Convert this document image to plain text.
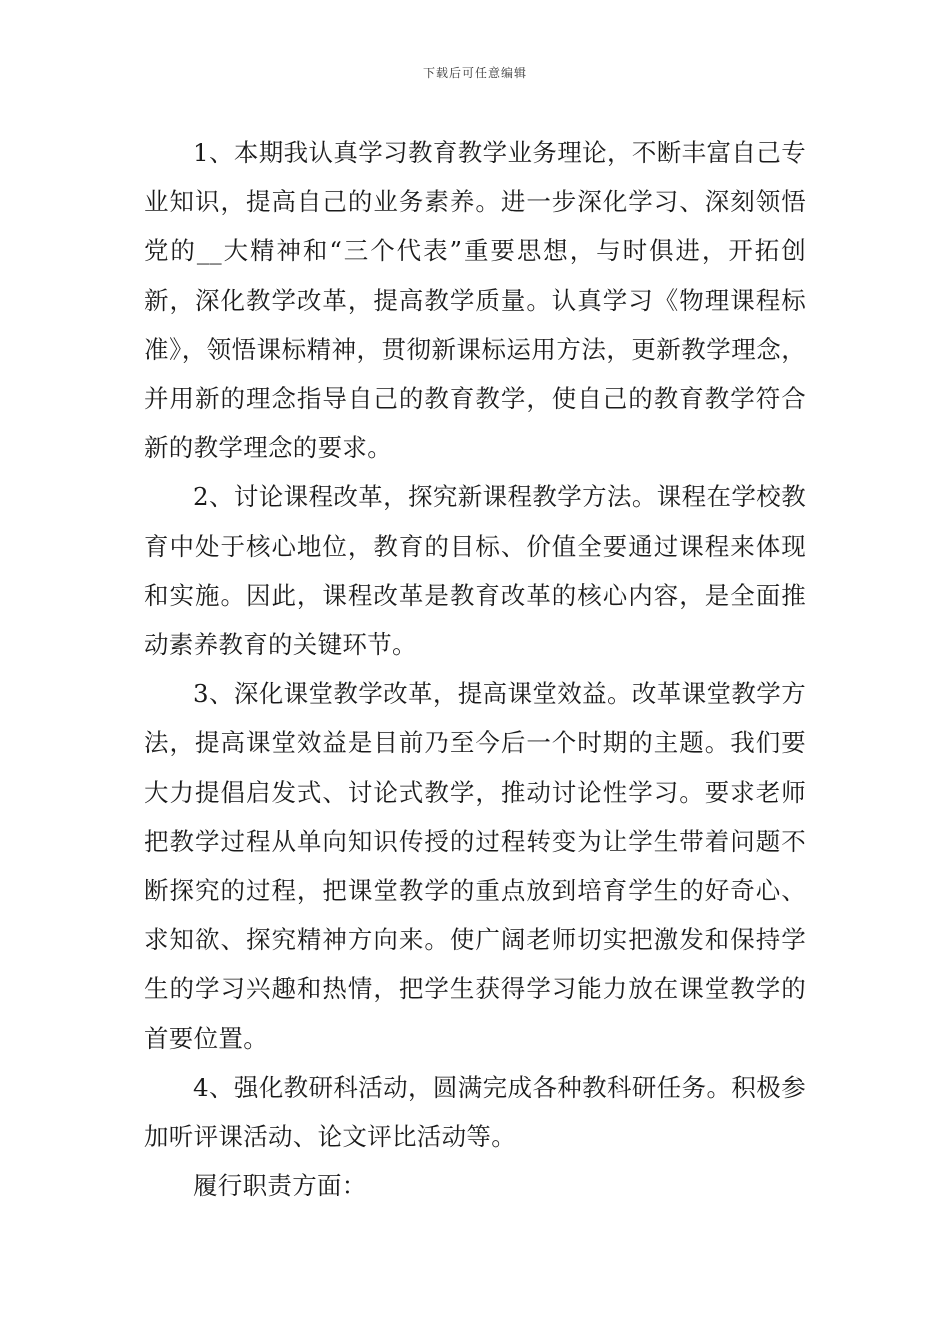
下载后可任意编辑

1、本期我认真学习教育教学业务理论，不断丰富自己专业知识，提高自己的业务素养。进一步深化学习、深刻领悟党的__大精神和“三个代表”重要思想，与时俱进，开拓创新，深化教学改革，提高教学质量。认真学习《物理课程标准》，领悟课标精神，贯彻新课标运用方法，更新教学理念，并用新的理念指导自己的教育教学，使自己的教育教学符合新的教学理念的要求。

2、讨论课程改革，探究新课程教学方法。课程在学校教育中处于核心地位，教育的目标、价值全要通过课程来体现和实施。因此，课程改革是教育改革的核心内容，是全面推动素养教育的关键环节。

3、深化课堂教学改革，提高课堂效益。改革课堂教学方法，提高课堂效益是目前乃至今后一个时期的主题。我们要大力提倡启发式、讨论式教学，推动讨论性学习。要求老师把教学过程从单向知识传授的过程转变为让学生带着问题不断探究的过程，把课堂教学的重点放到培育学生的好奇心、求知欲、探究精神方向来。使广阔老师切实把激发和保持学生的学习兴趣和热情，把学生获得学习能力放在课堂教学的首要位置。

4、强化教研科活动，圆满完成各种教科研任务。积极参加听评课活动、论文评比活动等。

履行职责方面：
